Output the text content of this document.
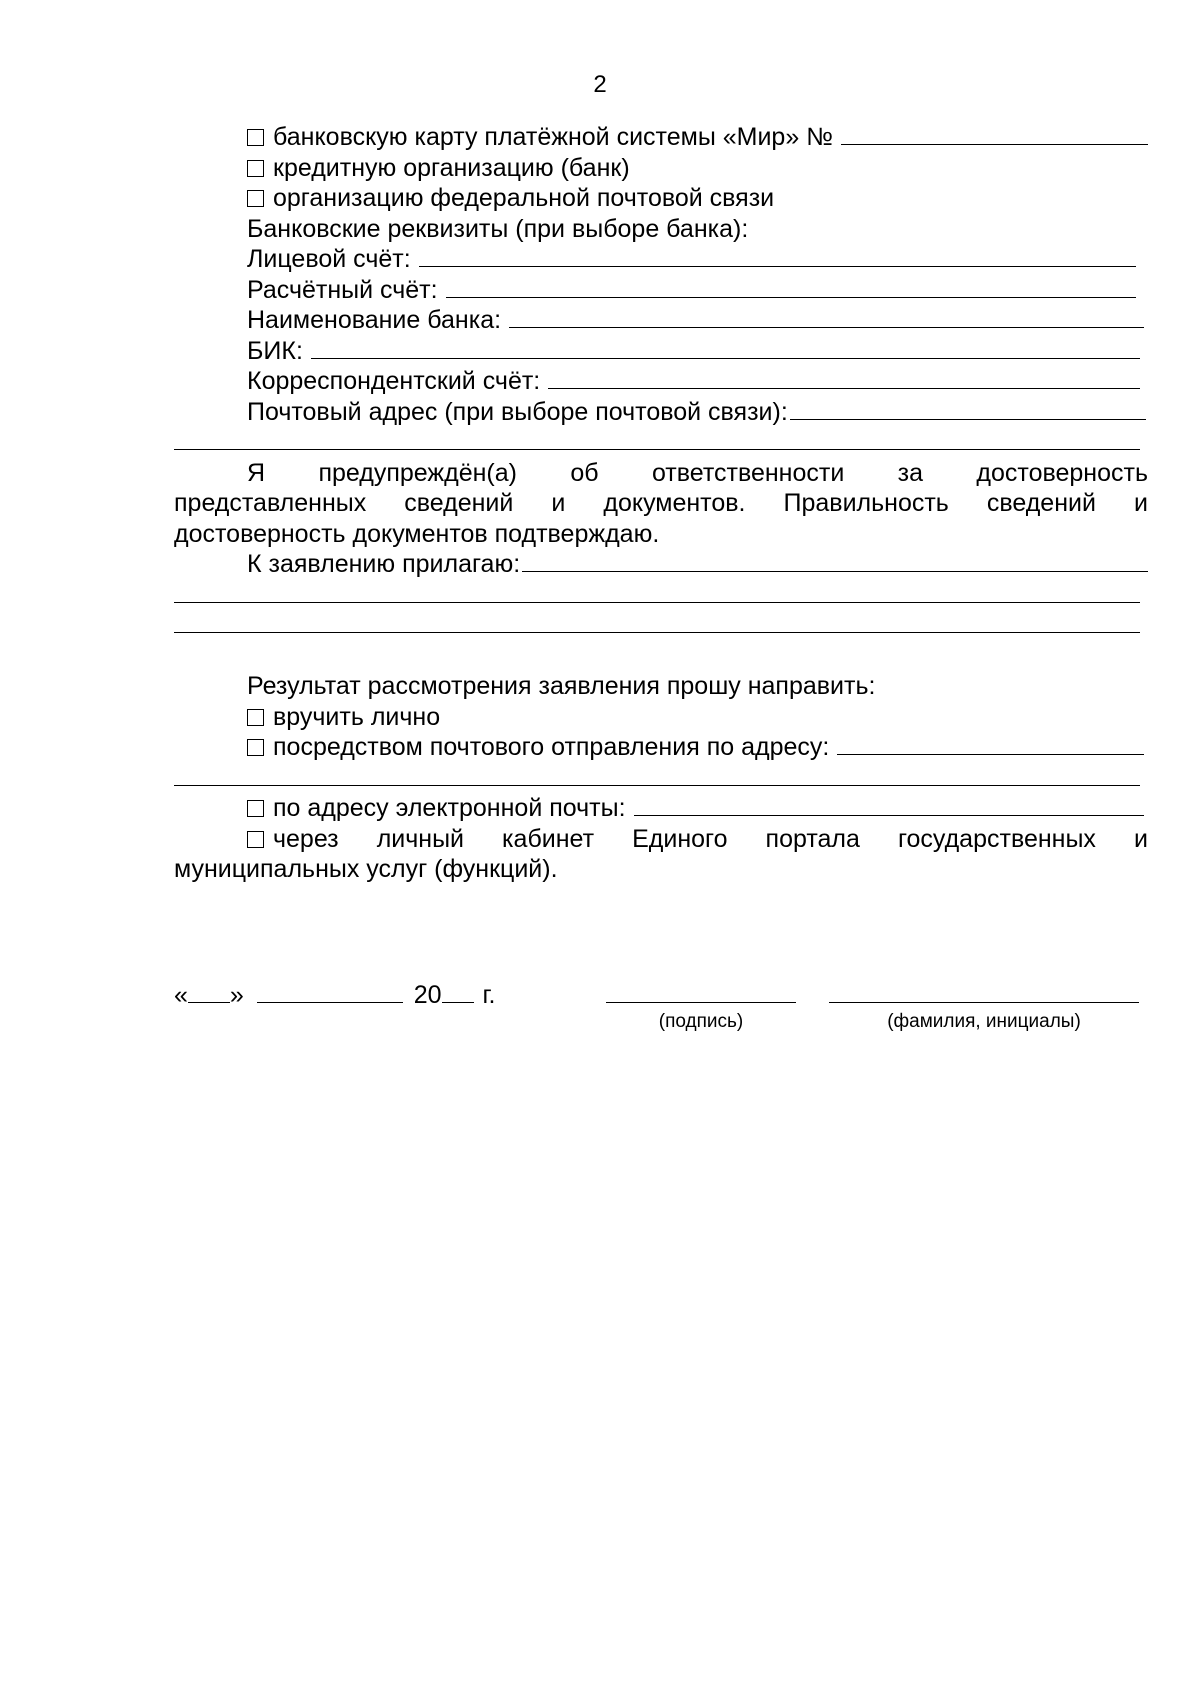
2
банковскую карту платёжной системы «Мир» №
кредитную организацию (банк)
организацию федеральной почтовой связи
Банковские реквизиты (при выборе банка):
Лицевой счёт:
Расчётный счёт:
Наименование банка:
БИК:
Корреспондентский счёт:
Почтовый адрес (при выборе почтовой связи):
Я предупреждён(а) об ответственности за достоверность
представленных сведений и документов. Правильность сведений и
достоверность документов подтверждаю.
К заявлению прилагаю:
Результат рассмотрения заявления прошу направить:
вручить лично
посредством почтового отправления по адресу:
по адресу электронной почты:
через личный кабинет Единого портала государственных и
муниципальных услуг (функций).
« »	20 г.
(подпись)	(фамилия, инициалы)
